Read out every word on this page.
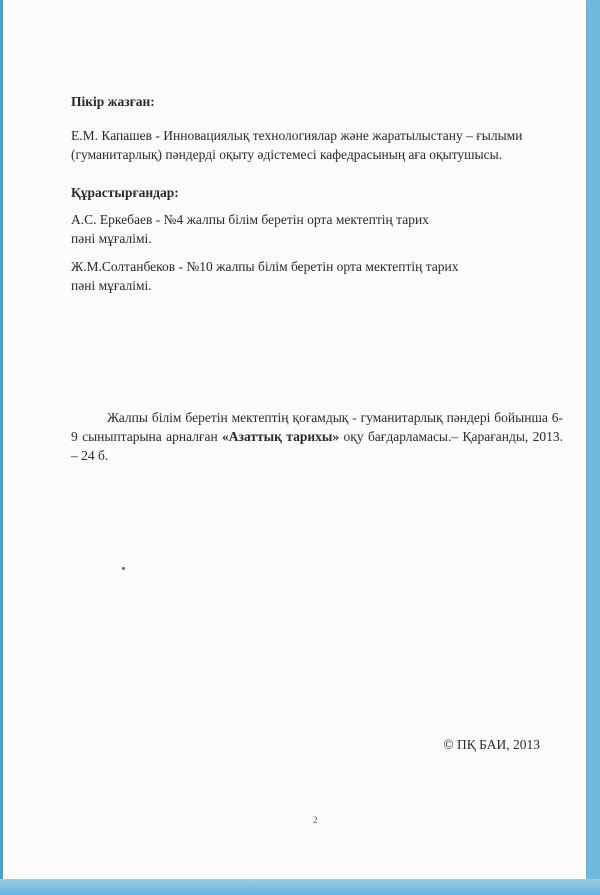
Пікір жазған:

Е.М. Капашев - Инновациялық технологиялар және жаратылыстану – ғылыми
(гуманитарлық) пәндерді оқыту әдістемесі кафедрасының аға оқытушысы.

Құрастырғандар:

А.С. Еркебаев - №4 жалпы білім беретін орта мектептің тарих
пәні мұғалімі.
Ж.М.Солтанбеков - №10 жалпы білім беретін орта мектептің тарих
пәні мұғалімі.

Жалпы білім беретін мектептің қоғамдық - гуманитарлық пәндері бойынша 6-9 сыныптарына арналған «Азаттық тарихы» оқу бағдарламасы.– Қарағанды, 2013. – 24 б.

© ПҚ БАИ, 2013
2
